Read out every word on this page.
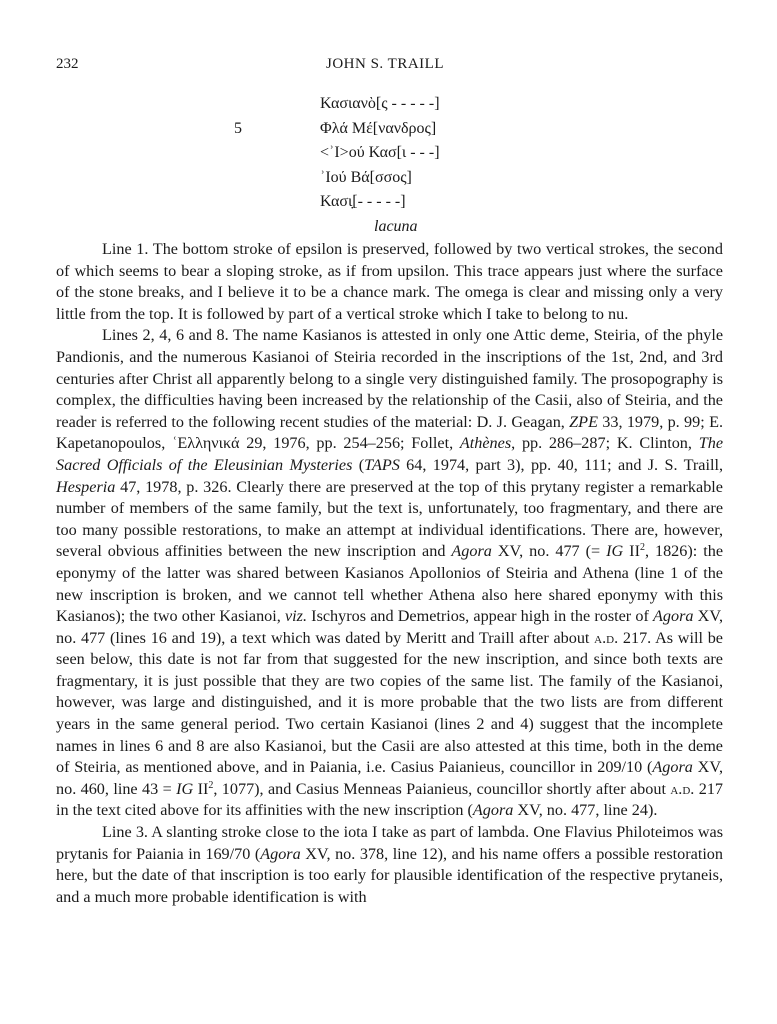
232	JOHN S. TRAILL
Κασιανὸ[ς - - - - -]
5	Φλά Μέ[νανδρος]
<ʾΙ>ού Κασ[ι - - -]
ʾΙού Βά[σσος]
Κασι̣[- - - - -]
lacuna

Line 1. The bottom stroke of epsilon is preserved, followed by two vertical strokes, the second of which seems to bear a sloping stroke, as if from upsilon. This trace appears just where the surface of the stone breaks, and I believe it to be a chance mark. The omega is clear and missing only a very little from the top. It is followed by part of a vertical stroke which I take to belong to nu.

Lines 2, 4, 6 and 8. The name Kasianos is attested in only one Attic deme, Steiria, of the phyle Pandionis, and the numerous Kasianoi of Steiria recorded in the inscriptions of the 1st, 2nd, and 3rd centuries after Christ all apparently belong to a single very distinguished family. The prosopography is complex, the difficulties having been increased by the relationship of the Casii, also of Steiria, and the reader is referred to the following recent studies of the material: D. J. Geagan, ZPE 33, 1979, p. 99; E. Kapetanopoulos, ʿΕλληνικά 29, 1976, pp. 254–256; Follet, Athènes, pp. 286–287; K. Clinton, The Sacred Officials of the Eleusinian Mysteries (TAPS 64, 1974, part 3), pp. 40, 111; and J. S. Traill, Hesperia 47, 1978, p. 326. Clearly there are preserved at the top of this prytany register a remarkable number of members of the same family, but the text is, unfortunately, too fragmentary, and there are too many possible restorations, to make an attempt at individual identifications. There are, however, several obvious affinities between the new inscription and Agora XV, no. 477 (= IG $II^2$, 1826): the eponymy of the latter was shared between Kasianos Apollonios of Steiria and Athena (line 1 of the new inscription is broken, and we cannot tell whether Athena also here shared eponymy with this Kasianos); the two other Kasianoi, viz. Ischyros and Demetrios, appear high in the roster of Agora XV, no. 477 (lines 16 and 19), a text which was dated by Meritt and Traill after about a.d. 217. As will be seen below, this date is not far from that suggested for the new inscription, and since both texts are fragmentary, it is just possible that they are two copies of the same list. The family of the Kasianoi, however, was large and distinguished, and it is more probable that the two lists are from different years in the same general period. Two certain Kasianoi (lines 2 and 4) suggest that the incomplete names in lines 6 and 8 are also Kasianoi, but the Casii are also attested at this time, both in the deme of Steiria, as mentioned above, and in Paiania, i.e. Casius Paianieus, councillor in 209/10 (Agora XV, no. 460, line 43 = IG $II^2$, 1077), and Casius Menneas Paianieus, councillor shortly after about a.d. 217 in the text cited above for its affinities with the new inscription (Agora XV, no. 477, line 24).

Line 3. A slanting stroke close to the iota I take as part of lambda. One Flavius Philoteimos was prytanis for Paiania in 169/70 (Agora XV, no. 378, line 12), and his name offers a possible restoration here, but the date of that inscription is too early for plausible identification of the respective prytaneis, and a much more probable identification is with
